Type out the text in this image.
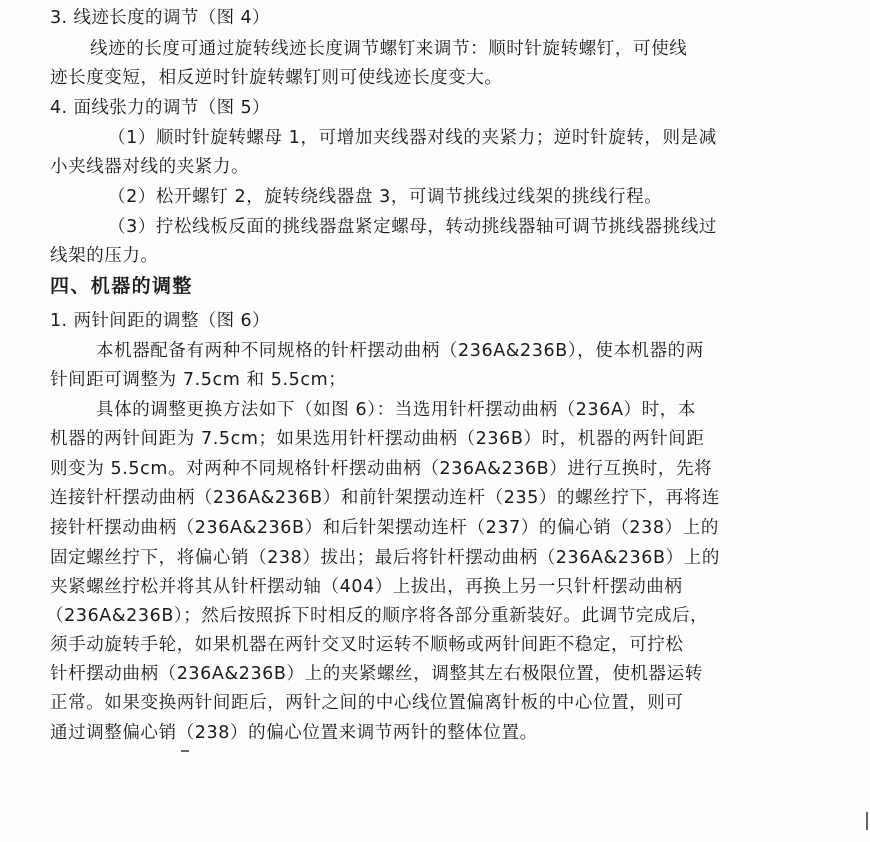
3. 线迹长度的调节（图 4）
线迹的长度可通过旋转线迹长度调节螺钉来调节：顺时针旋转螺钉，可使线
迹长度变短，相反逆时针旋转螺钉则可使线迹长度变大。
4. 面线张力的调节（图 5）
（1）顺时针旋转螺母 1，可增加夹线器对线的夹紧力；逆时针旋转，则是减
小夹线器对线的夹紧力。
（2）松开螺钉 2，旋转绕线器盘 3，可调节挑线过线架的挑线行程。
（3）拧松线板反面的挑线器盘紧定螺母，转动挑线器轴可调节挑线器挑线过
线架的压力。
四、机器的调整
1. 两针间距的调整（图 6）
本机器配备有两种不同规格的针杆摆动曲柄（236A&236B），使本机器的两
针间距可调整为 7.5cm 和 5.5cm；
具体的调整更换方法如下（如图 6）：当选用针杆摆动曲柄（236A）时，本
机器的两针间距为 7.5cm；如果选用针杆摆动曲柄（236B）时，机器的两针间距
则变为 5.5cm。对两种不同规格针杆摆动曲柄（236A&236B）进行互换时，先将
连接针杆摆动曲柄（236A&236B）和前针架摆动连杆（235）的螺丝拧下，再将连
接针杆摆动曲柄（236A&236B）和后针架摆动连杆（237）的偏心销（238）上的
固定螺丝拧下，将偏心销（238）拔出；最后将针杆摆动曲柄（236A&236B）上的
夹紧螺丝拧松并将其从针杆摆动轴（404）上拔出，再换上另一只针杆摆动曲柄
（236A&236B）；然后按照拆下时相反的顺序将各部分重新装好。此调节完成后，
须手动旋转手轮，如果机器在两针交叉时运转不顺畅或两针间距不稳定，可拧松
针杆摆动曲柄（236A&236B）上的夹紧螺丝，调整其左右极限位置，使机器运转
正常。如果变换两针间距后，两针之间的中心线位置偏离针板的中心位置，则可
通过调整偏心销（238）的偏心位置来调节两针的整体位置。
